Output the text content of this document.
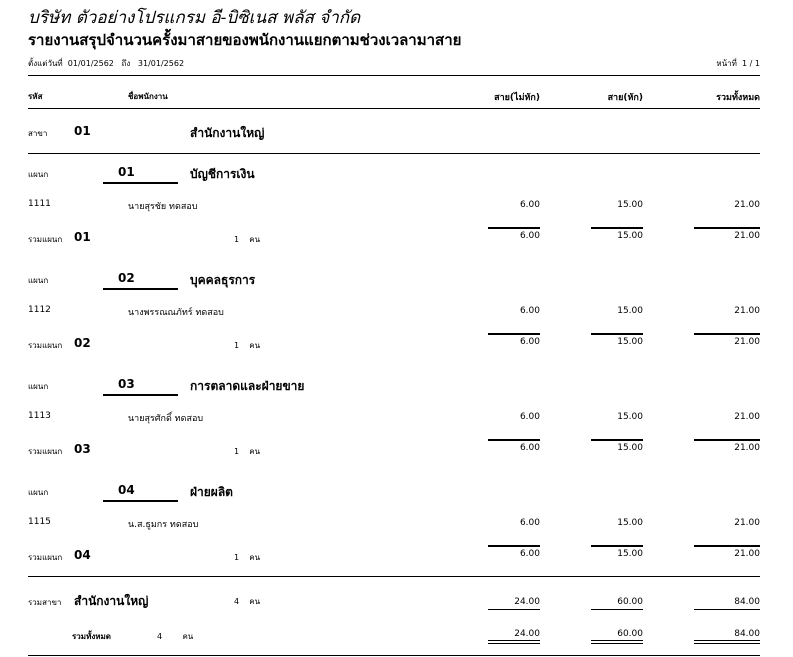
บริษัท ตัวอย่างโปรแกรม อี-บิซิเนส พลัส จำกัด
รายงานสรุปจำนวนครั้งมาสายของพนักงานแยกตามช่วงเวลามาสาย
ตั้งแต่วันที่ 01/01/2562 ถึง 31/01/2562	หน้าที่ 1 / 1
รหัส	ชื่อพนักงาน	สาย(ไม่หัก)	สาย(หัก)	รวมทั้งหมด
สาขา 01	สำนักงานใหญ่
แผนก	01	บัญชีการเงิน
1111	นายสุรชัย ทดสอบ	6.00	15.00	21.00
รวมแผนก 01	1 คน	6.00	15.00	21.00
แผนก	02	บุคคลธุรการ
1112	นางพรรณณภัทร์ ทดสอบ	6.00	15.00	21.00
รวมแผนก 02	1 คน	6.00	15.00	21.00
แผนก	03	การตลาดและฝ่ายขาย
1113	นายสุรศักดิ์ ทดสอบ	6.00	15.00	21.00
รวมแผนก 03	1 คน	6.00	15.00	21.00
แผนก	04	ฝ่ายผลิต
1115	น.ส.ธูมกร ทดสอบ	6.00	15.00	21.00
รวมแผนก 04	1 คน	6.00	15.00	21.00
รวมสาขา สำนักงานใหญ่	4 คน	24.00	60.00	84.00
รวมทั้งหมด	4	คน	24.00	60.00	84.00
